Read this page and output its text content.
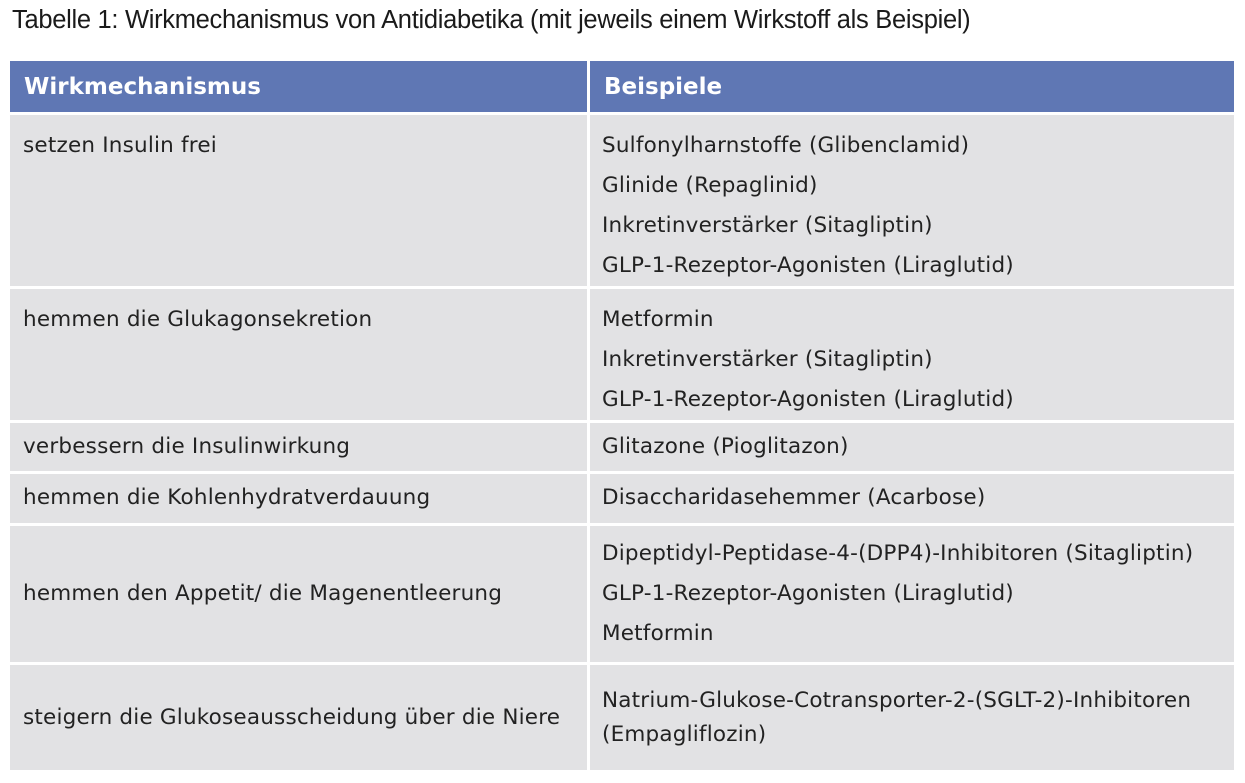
Tabelle 1: Wirkmechanismus von Antidiabetika (mit jeweils einem Wirkstoff als Beispiel)
Wirkmechanismus	Beispiele

setzen Insulin frei	Sulfonylharnstoffe (Glibenclamid)
Glinide (Repaglinid)
Inkretinverstärker (Sitagliptin)
GLP-1-Rezeptor-Agonisten (Liraglutid)

hemmen die Glukagonsekretion	Metformin
Inkretinverstärker (Sitagliptin)
GLP-1-Rezeptor-Agonisten (Liraglutid)

verbessern die Insulinwirkung	Glitazone (Pioglitazon)
hemmen die Kohlenhydratverdauung	Disaccharidasehemmer (Acarbose)

hemmen den Appetit/ die Magenentleerung	Dipeptidyl-Peptidase-4-(DPP4)-Inhibitoren (Sitagliptin)
GLP-1-Rezeptor-Agonisten (Liraglutid)
Metformin

steigern die Glukoseausscheidung über die Niere	Natrium-Glukose-Cotransporter-2-(SGLT-2)-Inhibitoren
(Empagliflozin)
